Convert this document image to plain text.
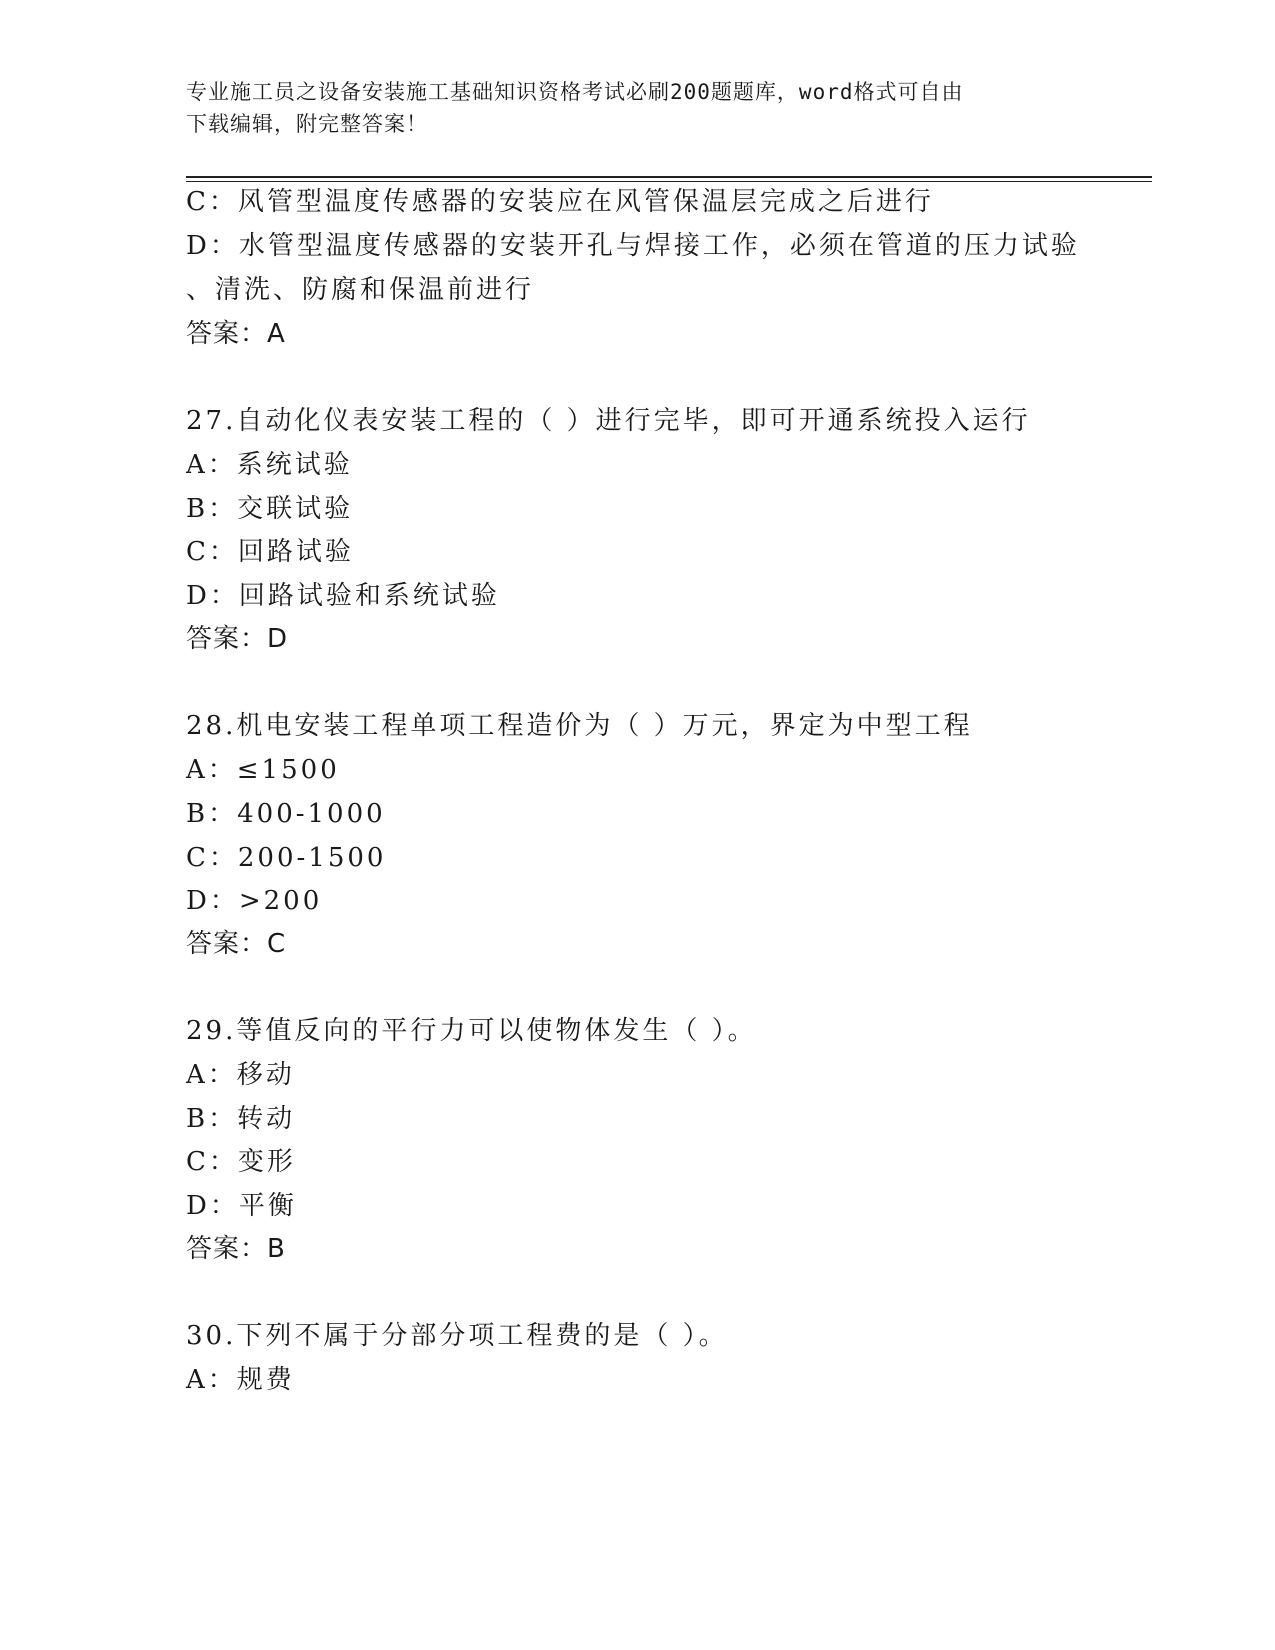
专业施工员之设备安装施工基础知识资格考试必刷200题题库，word格式可自由
下载编辑，附完整答案！
C：风管型温度传感器的安装应在风管保温层完成之后进行
D：水管型温度传感器的安装开孔与焊接工作，必须在管道的压力试验
、清洗、防腐和保温前进行
答案：A
27.自动化仪表安装工程的（ ）进行完毕，即可开通系统投入运行
A：系统试验
B：交联试验
C：回路试验
D：回路试验和系统试验
答案：D
28.机电安装工程单项工程造价为（ ）万元，界定为中型工程
A：≤1500
B：400-1000
C：200-1500
D：>200
答案：C
29.等值反向的平行力可以使物体发生（ ）。
A：移动
B：转动
C：变形
D：平衡
答案：B
30.下列不属于分部分项工程费的是（ ）。
A：规费
